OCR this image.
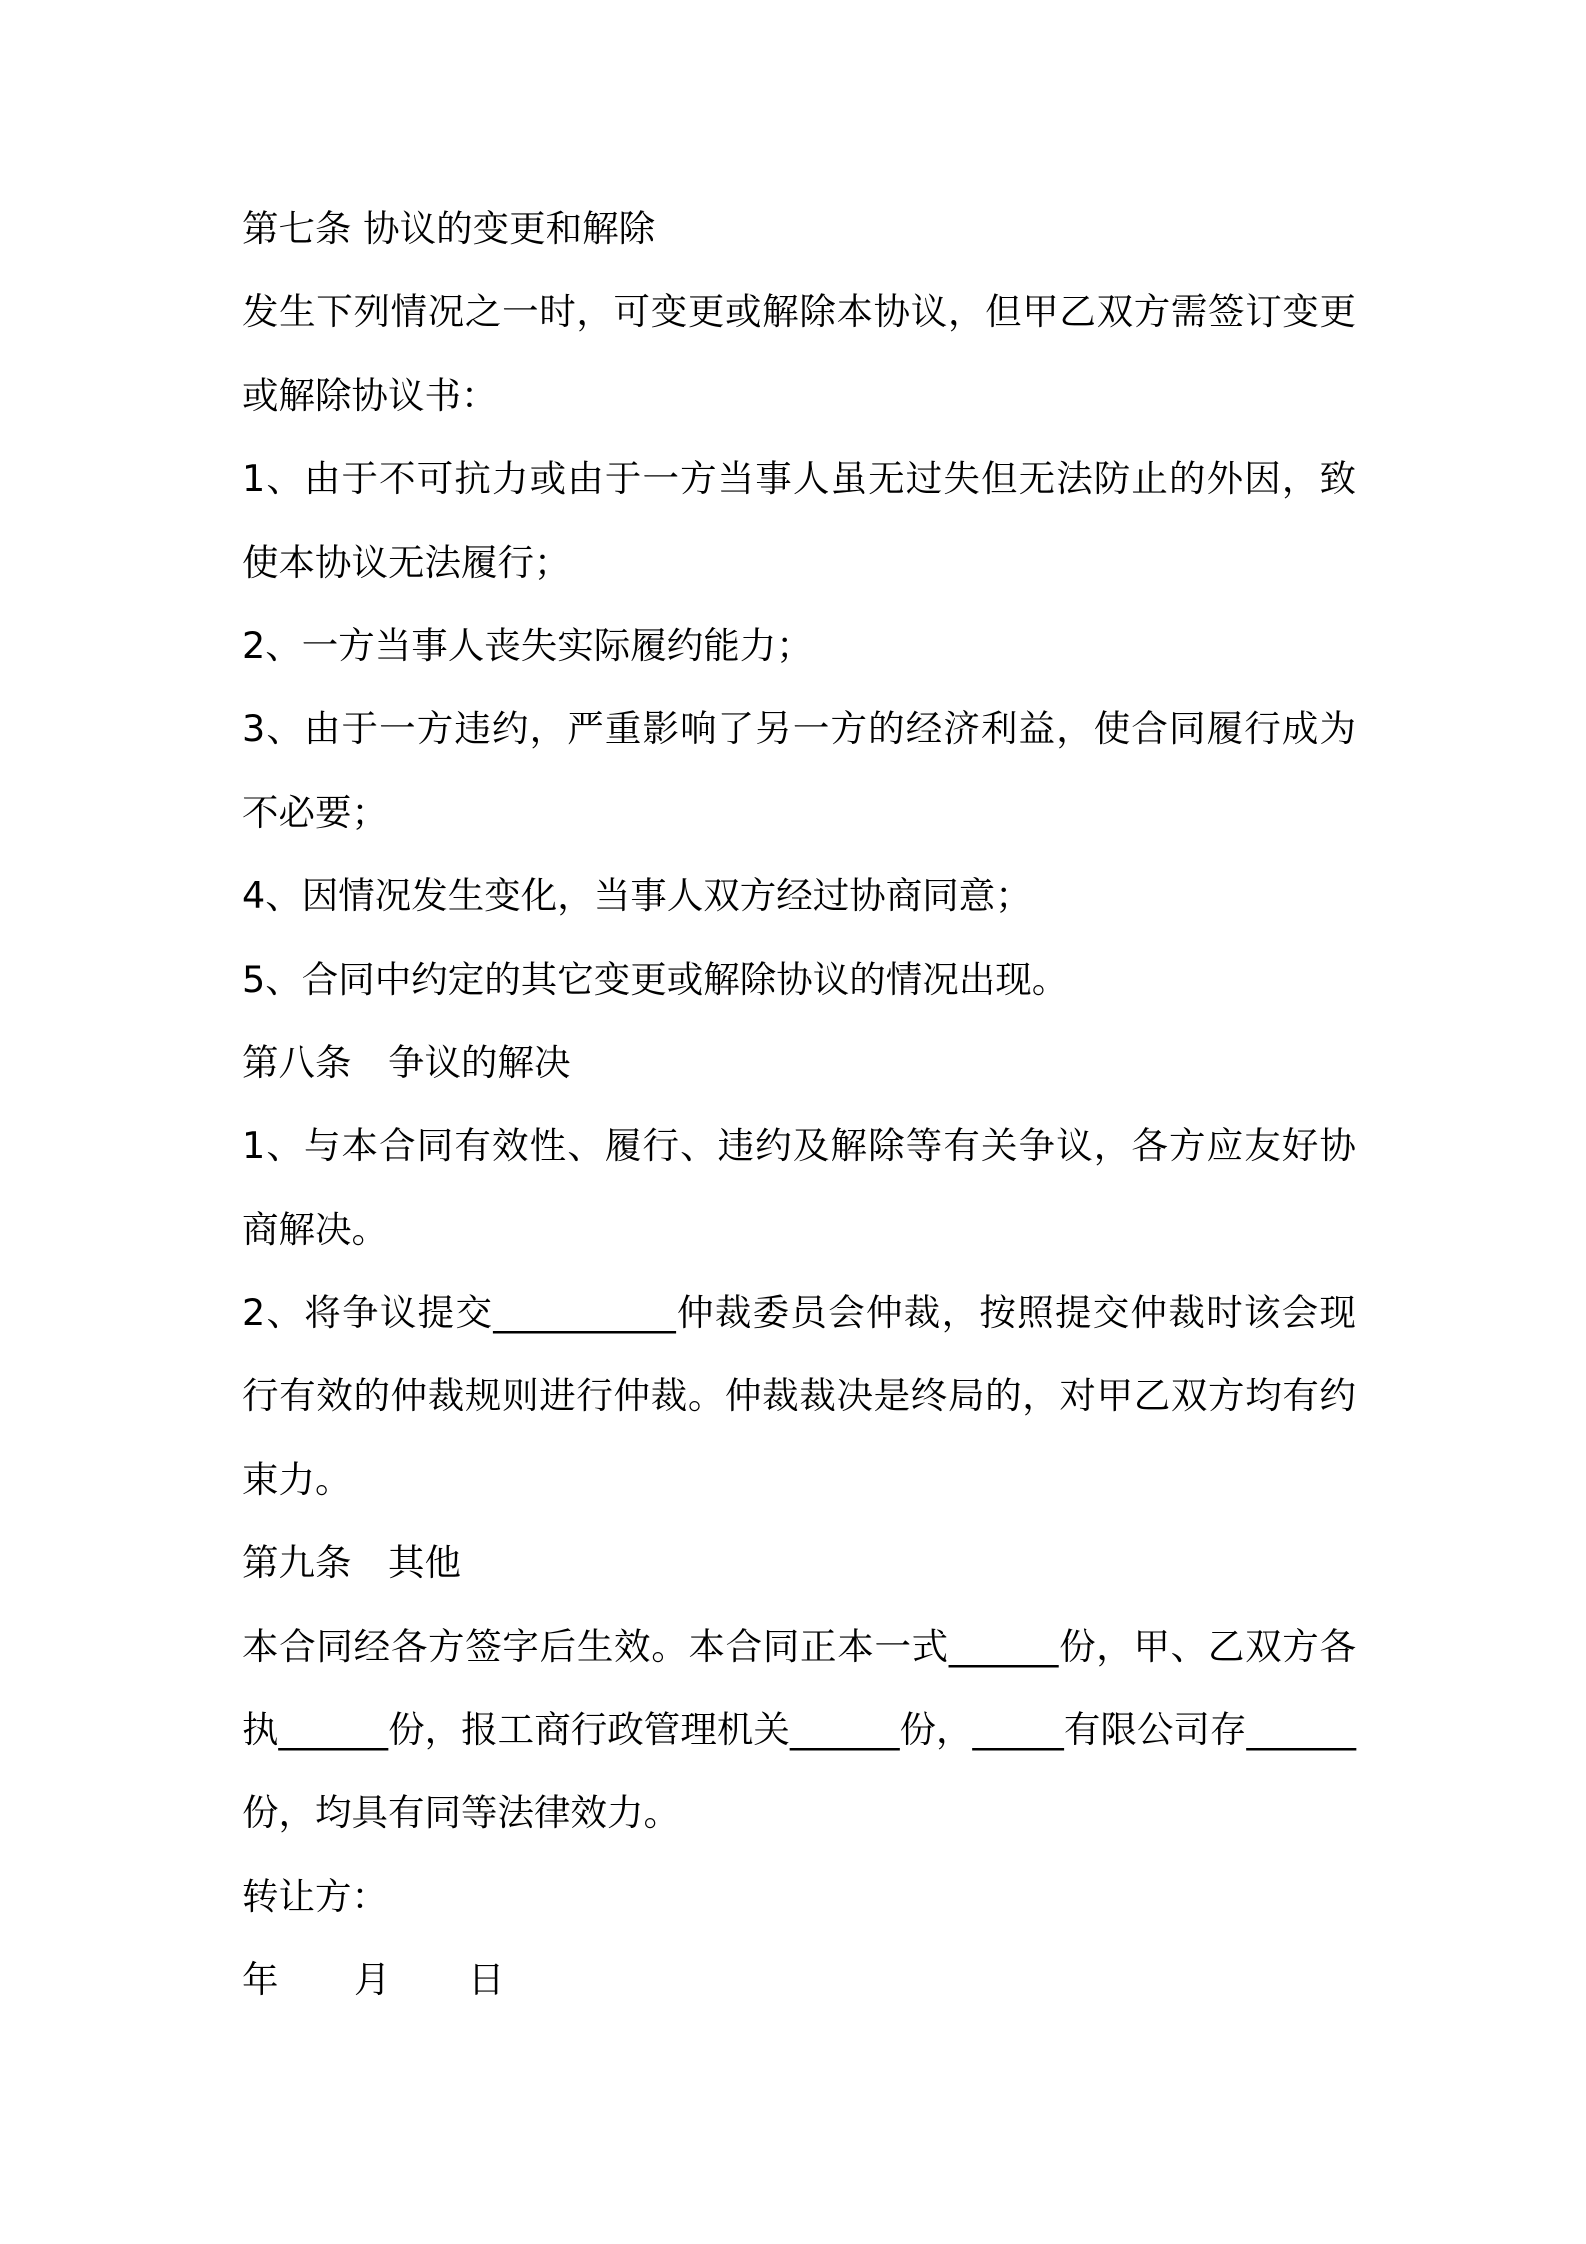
第七条 协议的变更和解除
发生下列情况之一时，可变更或解除本协议，但甲乙双方需签订变更
或解除协议书：
1、由于不可抗力或由于一方当事人虽无过失但无法防止的外因，致
使本协议无法履行；
2、一方当事人丧失实际履约能力；
3、由于一方违约，严重影响了另一方的经济利益，使合同履行成为
不必要；
4、因情况发生变化，当事人双方经过协商同意；
5、合同中约定的其它变更或解除协议的情况出现。
第八条　争议的解决
1、与本合同有效性、履行、违约及解除等有关争议，各方应友好协
商解决。
2、将争议提交__________仲裁委员会仲裁，按照提交仲裁时该会现
行有效的仲裁规则进行仲裁。仲裁裁决是终局的，对甲乙双方均有约
束力。
第九条　其他
本合同经各方签字后生效。本合同正本一式______份，甲、乙双方各
执______份，报工商行政管理机关______份，_____有限公司存______
份，均具有同等法律效力。
转让方：
年 月 日
